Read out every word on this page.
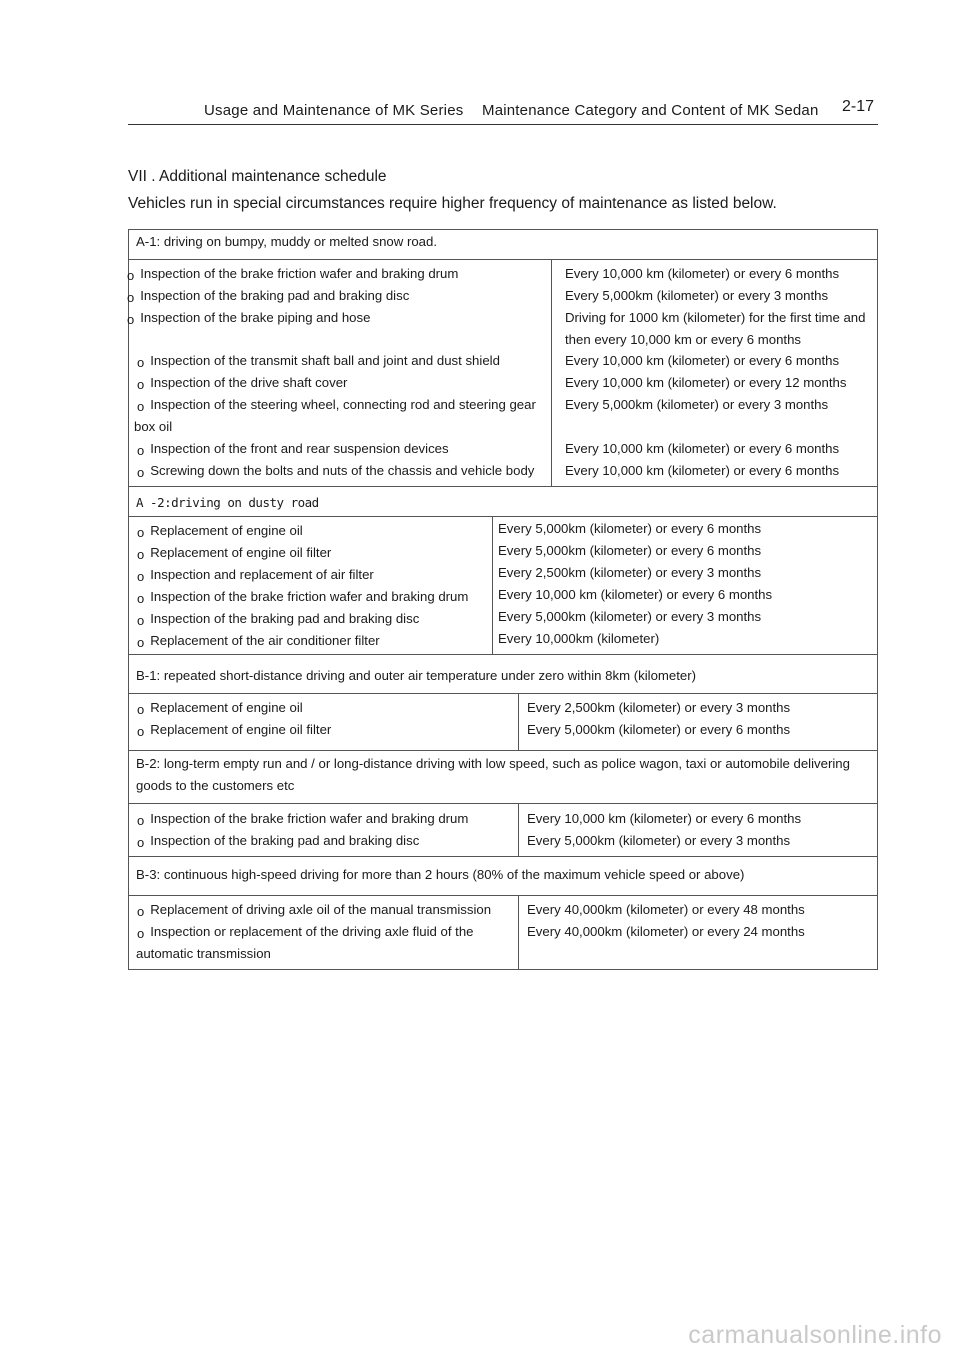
Usage and Maintenance of MK Series Maintenance Category and Content of MK Sedan 2-17
VII . Additional maintenance schedule
Vehicles run in special circumstances require higher frequency of maintenance as listed below.
A-1: driving on bumpy, muddy or melted snow road.
o Inspection of the brake friction wafer and braking drum
o Inspection of the braking pad and braking disc
o Inspection of the brake piping and hose
o Inspection of the transmit shaft ball and joint and dust shield
o Inspection of the drive shaft cover
o Inspection of the steering wheel, connecting rod and steering gear
box oil
o Inspection of the front and rear suspension devices
o Screwing down the bolts and nuts of the chassis and vehicle body
Every 10,000 km (kilometer) or every 6 months
Every 5,000km (kilometer) or every 3 months
Driving for 1000 km (kilometer) for the first time and
then every 10,000 km or every 6 months
Every 10,000 km (kilometer) or every 6 months
Every 10,000 km (kilometer) or every 12 months
Every 5,000km (kilometer) or every 3 months
Every 10,000 km (kilometer) or every 6 months
Every 10,000 km (kilometer) or every 6 months
A -2:driving on dusty road
o Replacement of engine oil
o Replacement of engine oil filter
o Inspection and replacement of air filter
o Inspection of the brake friction wafer and braking drum
o Inspection of the braking pad and braking disc
o Replacement of the air conditioner filter
Every 5,000km (kilometer) or every 6 months
Every 5,000km (kilometer) or every 6 months
Every 2,500km (kilometer) or every 3 months
Every 10,000 km (kilometer) or every 6 months
Every 5,000km (kilometer) or every 3 months
Every 10,000km (kilometer)
B-1: repeated short-distance driving and outer air temperature under zero within 8km (kilometer)
o Replacement of engine oil
o Replacement of engine oil filter
Every 2,500km (kilometer) or every 3 months
Every 5,000km (kilometer) or every 6 months
B-2: long-term empty run and / or long-distance driving with low speed, such as police wagon, taxi or automobile delivering
goods to the customers etc
o Inspection of the brake friction wafer and braking drum
o Inspection of the braking pad and braking disc
Every 10,000 km (kilometer) or every 6 months
Every 5,000km (kilometer) or every 3 months
B-3: continuous high-speed driving for more than 2 hours (80% of the maximum vehicle speed or above)
o Replacement of driving axle oil of the manual transmission
o Inspection or replacement of the driving axle fluid of the
automatic transmission
Every 40,000km (kilometer) or every 48 months
Every 40,000km (kilometer) or every 24 months
carmanualsonline.info
